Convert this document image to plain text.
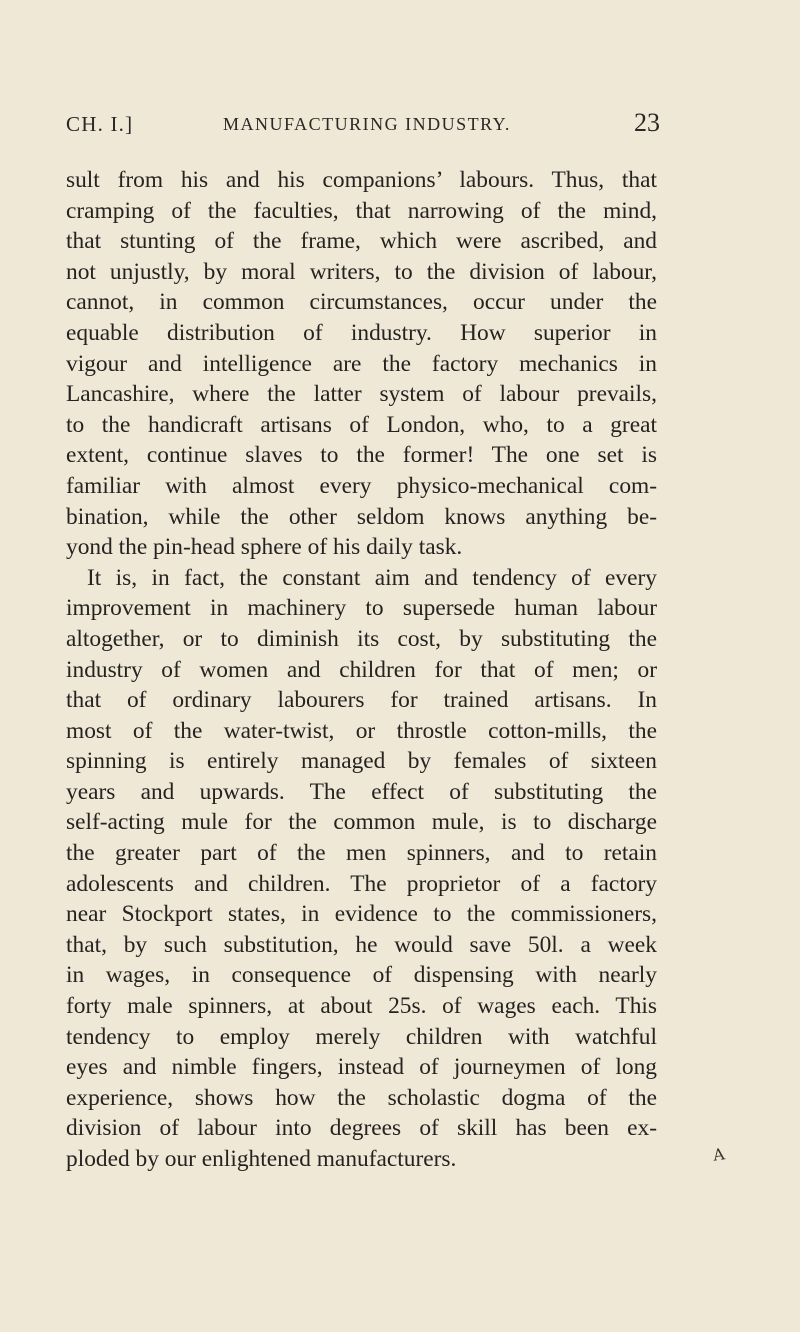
CH. I.]	MANUFACTURING INDUSTRY.	23
sult from his and his companions’ labours. Thus, that
cramping of the faculties, that narrowing of the mind,
that stunting of the frame, which were ascribed, and
not unjustly, by moral writers, to the division of labour,
cannot, in common circumstances, occur under the
equable distribution of industry. How superior in
vigour and intelligence are the factory mechanics in
Lancashire, where the latter system of labour prevails,
to the handicraft artisans of London, who, to a great
extent, continue slaves to the former! The one set is
familiar with almost every physico-mechanical com-
bination, while the other seldom knows anything be-
yond the pin-head sphere of his daily task.
It is, in fact, the constant aim and tendency of every
improvement in machinery to supersede human labour
altogether, or to diminish its cost, by substituting the
industry of women and children for that of men; or
that of ordinary labourers for trained artisans. In
most of the water-twist, or throstle cotton-mills, the
spinning is entirely managed by females of sixteen
years and upwards. The effect of substituting the
self-acting mule for the common mule, is to discharge
the greater part of the men spinners, and to retain
adolescents and children. The proprietor of a factory
near Stockport states, in evidence to the commissioners,
that, by such substitution, he would save 50l. a week
in wages, in consequence of dispensing with nearly
forty male spinners, at about 25s. of wages each. This
tendency to employ merely children with watchful
eyes and nimble fingers, instead of journeymen of long
experience, shows how the scholastic dogma of the
division of labour into degrees of skill has been ex-
ploded by our enlightened manufacturers.	A
